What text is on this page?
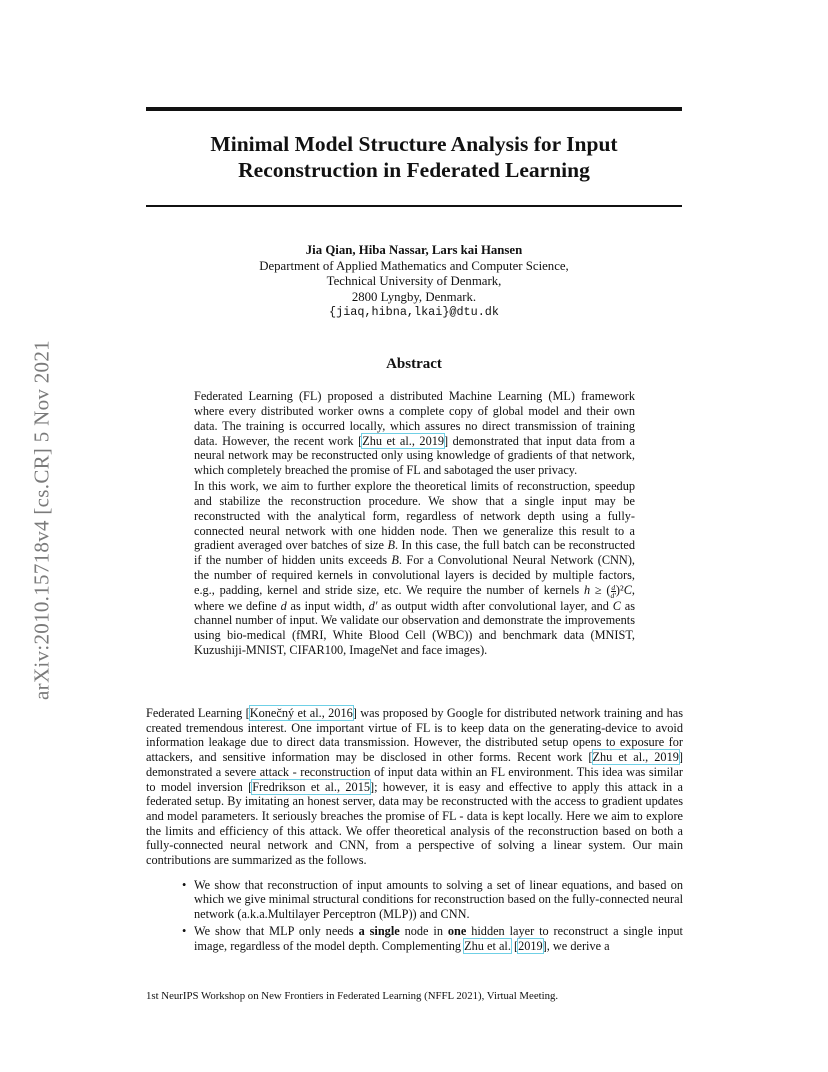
arXiv:2010.15718v4 [cs.CR] 5 Nov 2021
Minimal Model Structure Analysis for Input
Reconstruction in Federated Learning
Jia Qian, Hiba Nassar, Lars kai Hansen
Department of Applied Mathematics and Computer Science,
Technical University of Denmark,
2800 Lyngby, Denmark.
{jiaq,hibna,lkai}@dtu.dk
Abstract

Federated Learning (FL) proposed a distributed Machine Learning (ML) framework where every distributed worker owns a complete copy of global model and their own data. The training is occurred locally, which assures no direct transmission of training data. However, the recent work [Zhu et al., 2019] demonstrated that input data from a neural network may be reconstructed only using knowledge of gradients of that network, which completely breached the promise of FL and sabotaged the user privacy.

In this work, we aim to further explore the theoretical limits of reconstruction, speedup and stabilize the reconstruction procedure. We show that a single input may be reconstructed with the analytical form, regardless of network depth using a fully-connected neural network with one hidden node. Then we generalize this result to a gradient averaged over batches of size B. In this case, the full batch can be reconstructed if the number of hidden units exceeds B. For a Convolutional Neural Network (CNN), the number of required kernels in convolutional layers is decided by multiple factors, e.g., padding, kernel and stride size, etc. We require the number of kernels h ≥ ( $\frac{d}{d'} )^2C$, where we define d as input width, d′ as output width after convolutional layer, and C as channel number of input. We validate our observation and demonstrate the improvements using bio-medical (fMRI, White Blood Cell (WBC)) and benchmark data (MNIST, Kuzushiji-MNIST, CIFAR100, ImageNet and face images).

Federated Learning [Konečný et al., 2016] was proposed by Google for distributed network training and has created tremendous interest. One important virtue of FL is to keep data on the generating-device to avoid information leakage due to direct data transmission. However, the distributed setup opens to exposure for attackers, and sensitive information may be disclosed in other forms. Recent work [Zhu et al., 2019] demonstrated a severe attack - reconstruction of input data within an FL environment. This idea was similar to model inversion [Fredrikson et al., 2015]; however, it is easy and effective to apply this attack in a federated setup. By imitating an honest server, data may be reconstructed with the access to gradient updates and model parameters. It seriously breaches the promise of FL - data is kept locally. Here we aim to explore the limits and efficiency of this attack. We offer theoretical analysis of the reconstruction based on both a fully-connected neural network and CNN, from a perspective of solving a linear system. Our main contributions are summarized as the follows.

• We show that reconstruction of input amounts to solving a set of linear equations, and based on which we give minimal structural conditions for reconstruction based on the fully-connected neural network (a.k.a.Multilayer Perceptron (MLP)) and CNN.
• We show that MLP only needs a single node in one hidden layer to reconstruct a single input image, regardless of the model depth. Complementing Zhu et al. [2019], we derive a
1st NeurIPS Workshop on New Frontiers in Federated Learning (NFFL 2021), Virtual Meeting.
